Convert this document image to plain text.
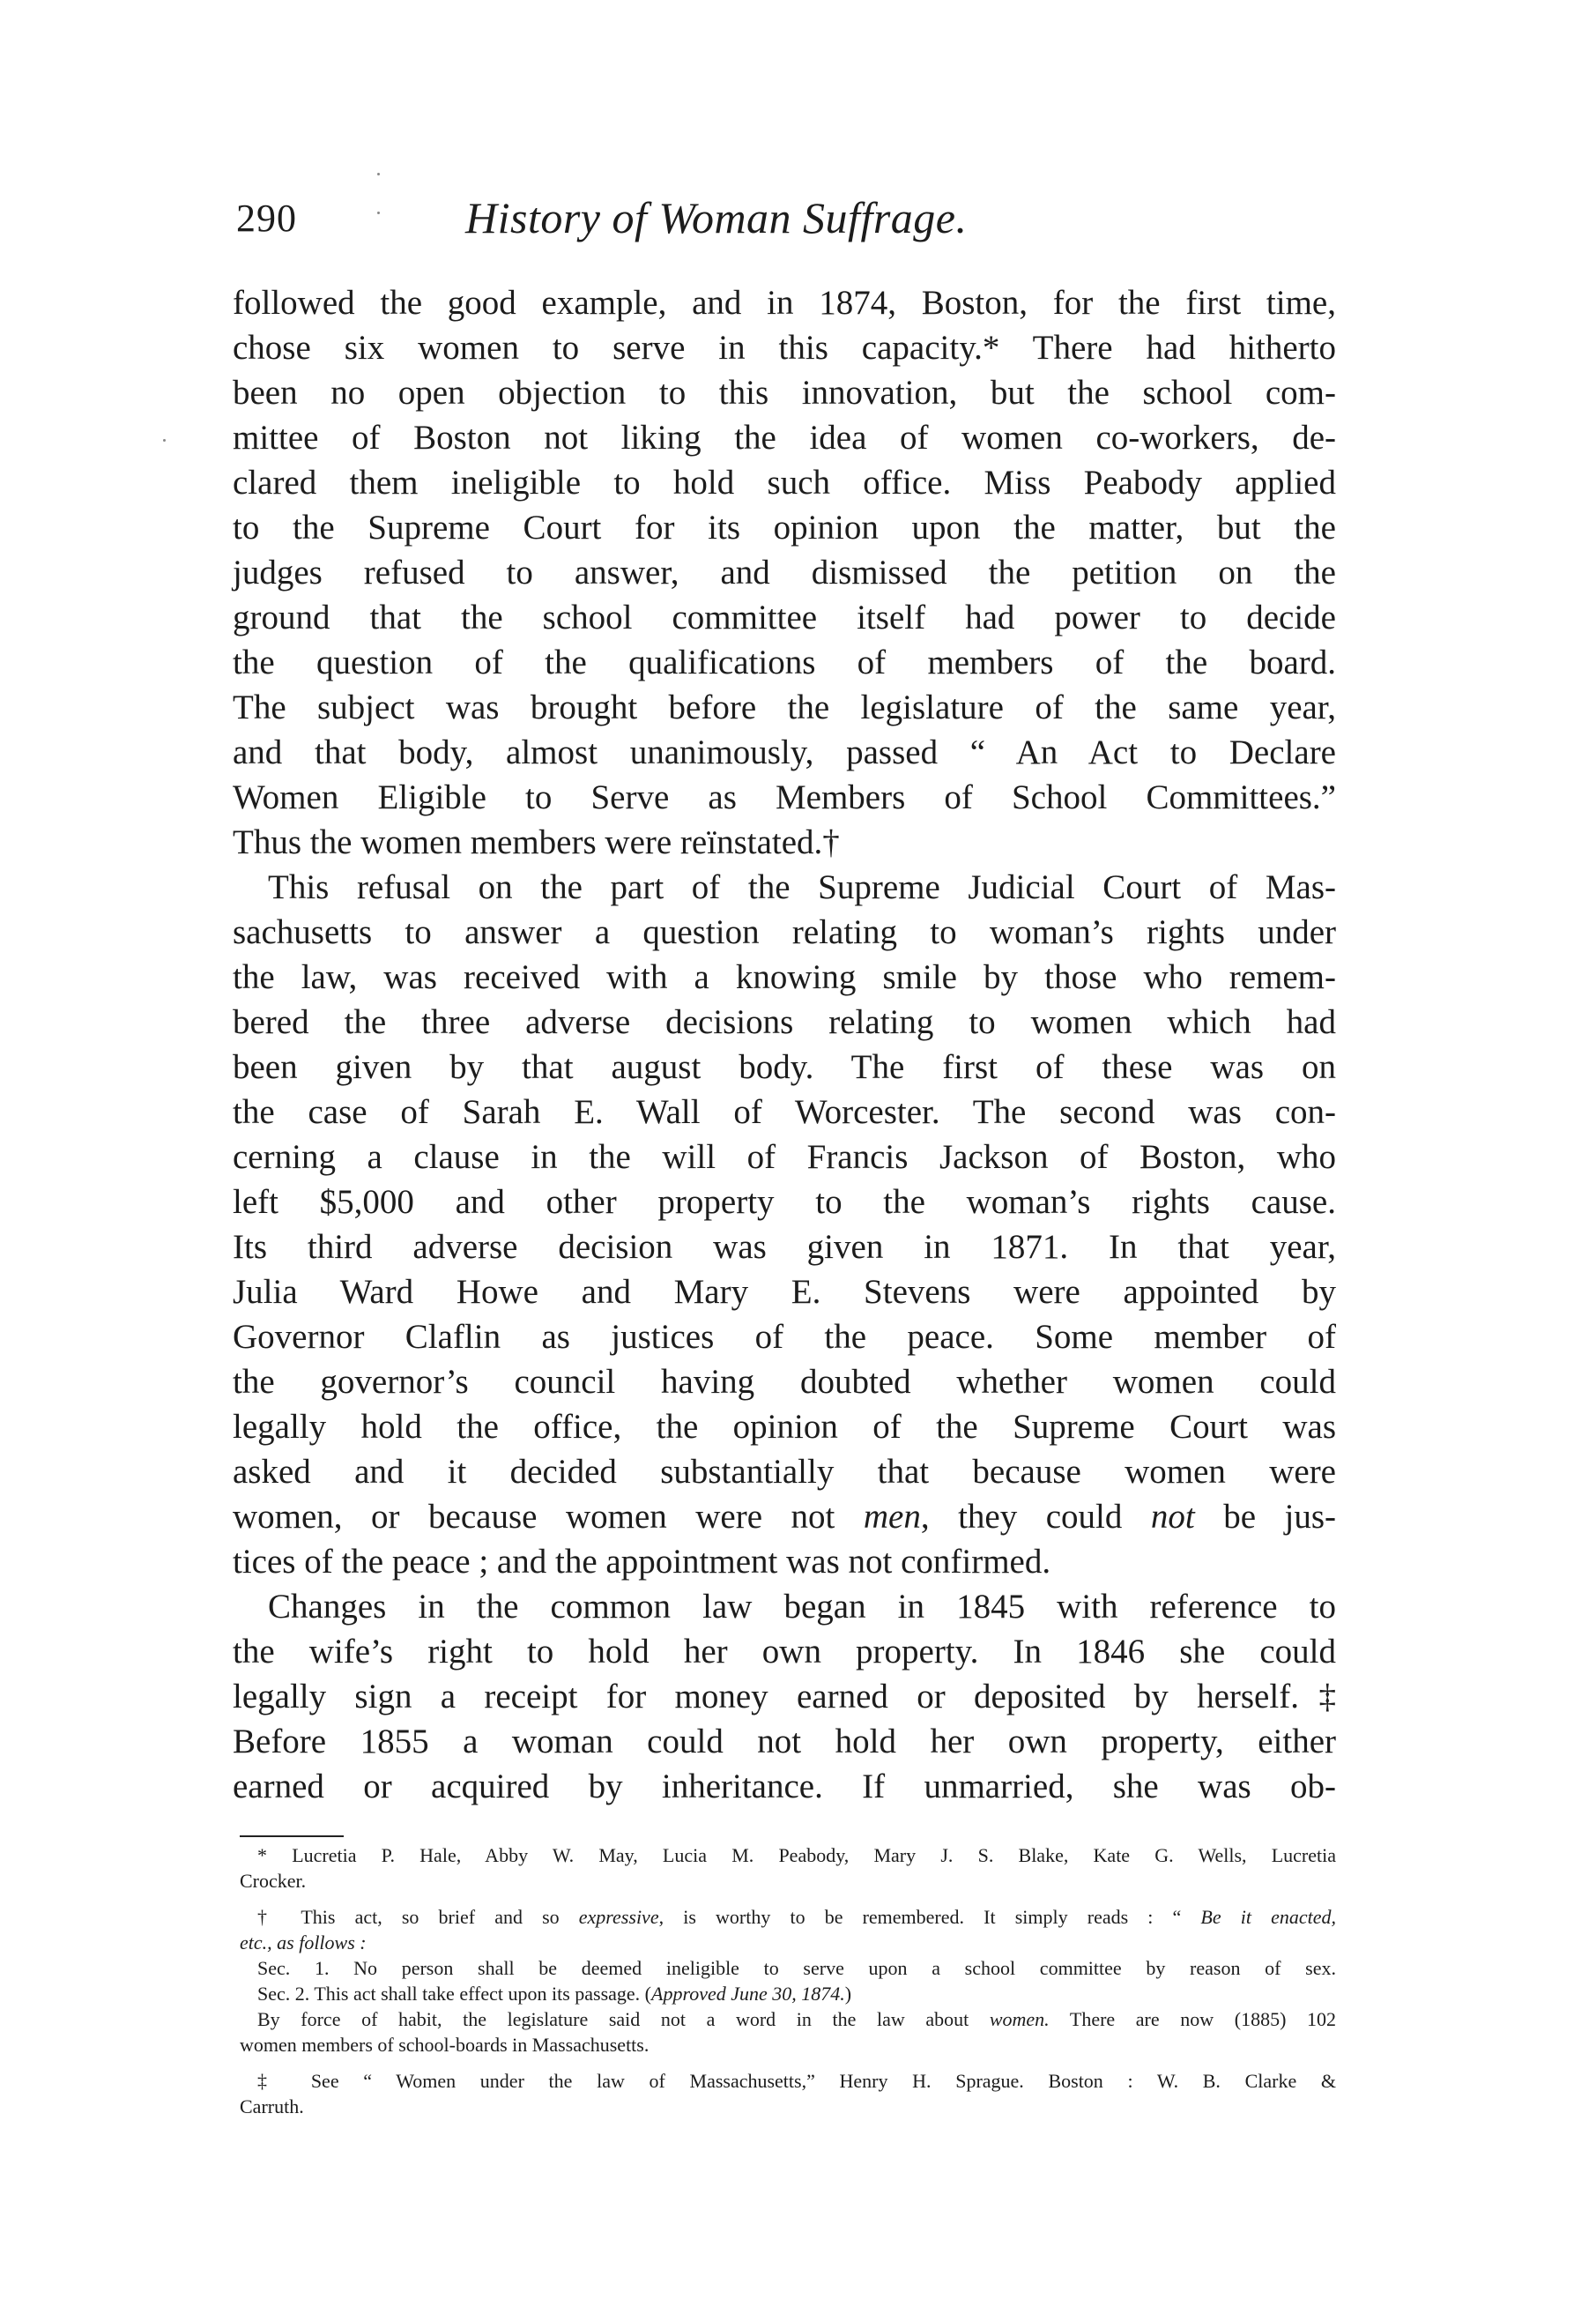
290	History of Woman Suffrage.
followed the good example, and in 1874, Boston, for the first time,
chose six women to serve in this capacity.* There had hitherto
been no open objection to this innovation, but the school com-
mittee of Boston not liking the idea of women co-workers, de-
clared them ineligible to hold such office. Miss Peabody applied
to the Supreme Court for its opinion upon the matter, but the
judges refused to answer, and dismissed the petition on the
ground that the school committee itself had power to decide
the question of the qualifications of members of the board.
The subject was brought before the legislature of the same year,
and that body, almost unanimously, passed “ An Act to Declare
Women Eligible to Serve as Members of School Committees.”
Thus the women members were reïnstated.†
This refusal on the part of the Supreme Judicial Court of Mas-
sachusetts to answer a question relating to woman’s rights under
the law, was received with a knowing smile by those who remem-
bered the three adverse decisions relating to women which had
been given by that august body. The first of these was on
the case of Sarah E. Wall of Worcester. The second was con-
cerning a clause in the will of Francis Jackson of Boston, who
left $5,000 and other property to the woman’s rights cause.
Its third adverse decision was given in 1871. In that year,
Julia Ward Howe and Mary E. Stevens were appointed by
Governor Claflin as justices of the peace. Some member of
the governor’s council having doubted whether women could
legally hold the office, the opinion of the Supreme Court was
asked and it decided substantially that because women were
women, or because women were not men, they could not be jus-
tices of the peace ; and the appointment was not confirmed.
Changes in the common law began in 1845 with reference to
the wife’s right to hold her own property. In 1846 she could
legally sign a receipt for money earned or deposited by herself.‡
Before 1855 a woman could not hold her own property, either
earned or acquired by inheritance. If unmarried, she was ob-
* Lucretia P. Hale, Abby W. May, Lucia M. Peabody, Mary J. S. Blake, Kate G. Wells, Lucretia
Crocker.
† This act, so brief and so expressive, is worthy to be remembered. It simply reads : “ Be it enacted,
etc., as follows :
Sec. 1. No person shall be deemed ineligible to serve upon a school committee by reason of sex.
Sec. 2. This act shall take effect upon its passage. (Approved June 30, 1874.)
By force of habit, the legislature said not a word in the law about women. There are now (1885) 102
women members of school-boards in Massachusetts.
‡ See “ Women under the law of Massachusetts,” Henry H. Sprague. Boston : W. B. Clarke &
Carruth.
